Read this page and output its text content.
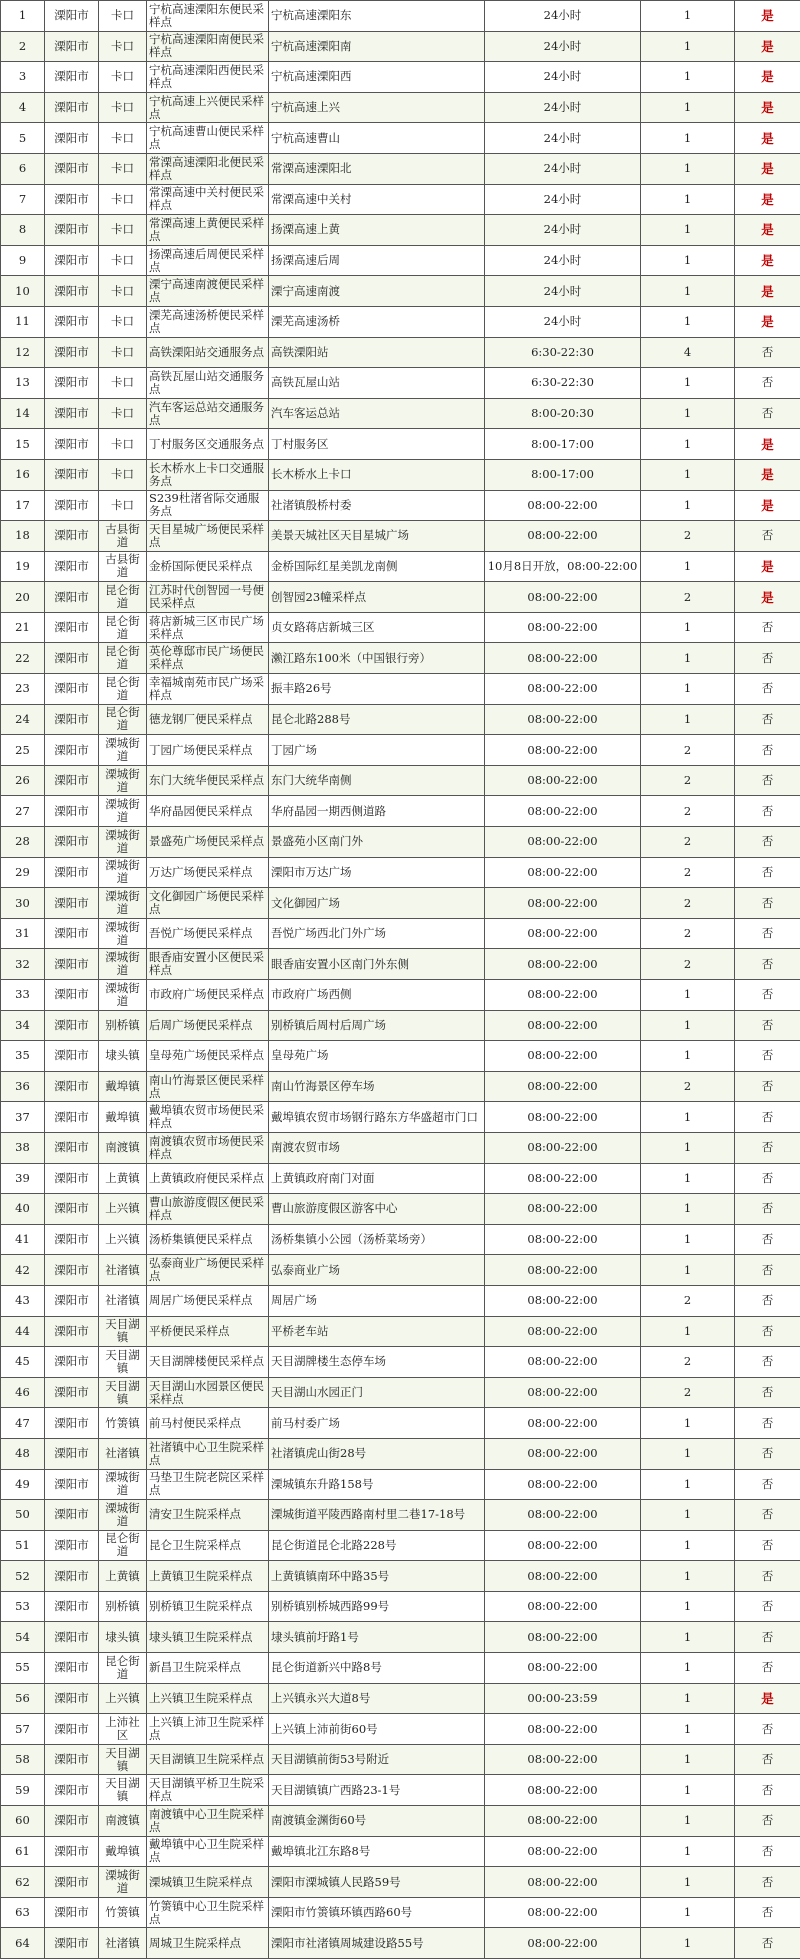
1	溧阳市	卡口	宁杭高速溧阳东便民采样点	宁杭高速溧阳东	24小时	1	是
2	溧阳市	卡口	宁杭高速溧阳南便民采样点	宁杭高速溧阳南	24小时	1	是
3	溧阳市	卡口	宁杭高速溧阳西便民采样点	宁杭高速溧阳西	24小时	1	是
4	溧阳市	卡口	宁杭高速上兴便民采样点	宁杭高速上兴	24小时	1	是
5	溧阳市	卡口	宁杭高速曹山便民采样点	宁杭高速曹山	24小时	1	是
6	溧阳市	卡口	常溧高速溧阳北便民采样点	常溧高速溧阳北	24小时	1	是
7	溧阳市	卡口	常溧高速中关村便民采样点	常溧高速中关村	24小时	1	是
8	溧阳市	卡口	常溧高速上黄便民采样点	扬溧高速上黄	24小时	1	是
9	溧阳市	卡口	扬溧高速后周便民采样点	扬溧高速后周	24小时	1	是
10	溧阳市	卡口	溧宁高速南渡便民采样点	溧宁高速南渡	24小时	1	是
11	溧阳市	卡口	溧芜高速汤桥便民采样点	溧芜高速汤桥	24小时	1	是
12	溧阳市	卡口	高铁溧阳站交通服务点	高铁溧阳站	6:30-22:30	4	否
13	溧阳市	卡口	高铁瓦屋山站交通服务点	高铁瓦屋山站	6:30-22:30	1	否
14	溧阳市	卡口	汽车客运总站交通服务点	汽车客运总站	8:00-20:30	1	否
15	溧阳市	卡口	丁村服务区交通服务点	丁村服务区	8:00-17:00	1	是
16	溧阳市	卡口	长木桥水上卡口交通服务点	长木桥水上卡口	8:00-17:00	1	是
17	溧阳市	卡口	S239杜渚省际交通服务点	社渚镇殷桥村委	08:00-22:00	1	是
18	溧阳市	古县街道	天目星城广场便民采样点	美景天城社区天目星城广场	08:00-22:00	2	否
19	溧阳市	古县街道	金桥国际便民采样点	金桥国际红星美凯龙南侧	10月8日开放，08:00-22:00	1	是
20	溧阳市	昆仑街道	江苏时代创智园一号便民采样点	创智园23幢采样点	08:00-22:00	2	是
21	溧阳市	昆仑街道	蒋店新城三区市民广场采样点	贞女路蒋店新城三区	08:00-22:00	1	否
22	溧阳市	昆仑街道	英伦尊邸市民广场便民采样点	濑江路东100米（中国银行旁）	08:00-22:00	1	否
23	溧阳市	昆仑街道	幸福城南苑市民广场采样点	振丰路26号	08:00-22:00	1	否
24	溧阳市	昆仑街道	德龙钢厂便民采样点	昆仑北路288号	08:00-22:00	1	否
25	溧阳市	溧城街道	丁园广场便民采样点	丁园广场	08:00-22:00	2	否
26	溧阳市	溧城街道	东门大统华便民采样点	东门大统华南侧	08:00-22:00	2	否
27	溧阳市	溧城街道	华府晶园便民采样点	华府晶园一期西侧道路	08:00-22:00	2	否
28	溧阳市	溧城街道	景盛苑广场便民采样点	景盛苑小区南门外	08:00-22:00	2	否
29	溧阳市	溧城街道	万达广场便民采样点	溧阳市万达广场	08:00-22:00	2	否
30	溧阳市	溧城街道	文化御园广场便民采样点	文化御园广场	08:00-22:00	2	否
31	溧阳市	溧城街道	吾悦广场便民采样点	吾悦广场西北门外广场	08:00-22:00	2	否
32	溧阳市	溧城街道	眼香庙安置小区便民采样点	眼香庙安置小区南门外东侧	08:00-22:00	2	否
33	溧阳市	溧城街道	市政府广场便民采样点	市政府广场西侧	08:00-22:00	1	否
34	溧阳市	别桥镇	后周广场便民采样点	别桥镇后周村后周广场	08:00-22:00	1	否
35	溧阳市	埭头镇	皇母苑广场便民采样点	皇母苑广场	08:00-22:00	1	否
36	溧阳市	戴埠镇	南山竹海景区便民采样点	南山竹海景区停车场	08:00-22:00	2	否
37	溧阳市	戴埠镇	戴埠镇农贸市场便民采样点	戴埠镇农贸市场钢行路东方华盛超市门口	08:00-22:00	1	否
38	溧阳市	南渡镇	南渡镇农贸市场便民采样点	南渡农贸市场	08:00-22:00	1	否
39	溧阳市	上黄镇	上黄镇政府便民采样点	上黄镇政府南门对面	08:00-22:00	1	否
40	溧阳市	上兴镇	曹山旅游度假区便民采样点	曹山旅游度假区游客中心	08:00-22:00	1	否
41	溧阳市	上兴镇	汤桥集镇便民采样点	汤桥集镇小公园（汤桥菜场旁）	08:00-22:00	1	否
42	溧阳市	社渚镇	弘泰商业广场便民采样点	弘泰商业广场	08:00-22:00	1	否
43	溧阳市	社渚镇	周居广场便民采样点	周居广场	08:00-22:00	2	否
44	溧阳市	天目湖镇	平桥便民采样点	平桥老车站	08:00-22:00	1	否
45	溧阳市	天目湖镇	天目湖牌楼便民采样点	天目湖牌楼生态停车场	08:00-22:00	2	否
46	溧阳市	天目湖镇	天目湖山水园景区便民采样点	天目湖山水园正门	08:00-22:00	2	否
47	溧阳市	竹箦镇	前马村便民采样点	前马村委广场	08:00-22:00	1	否
48	溧阳市	社渚镇	社渚镇中心卫生院采样点	社渚镇虎山街28号	08:00-22:00	1	否
49	溧阳市	溧城街道	马垫卫生院老院区采样点	溧城镇东升路158号	08:00-22:00	1	否
50	溧阳市	溧城街道	清安卫生院采样点	溧城街道平陵西路南村里二巷17-18号	08:00-22:00	1	否
51	溧阳市	昆仑街道	昆仑卫生院采样点	昆仑街道昆仑北路228号	08:00-22:00	1	否
52	溧阳市	上黄镇	上黄镇卫生院采样点	上黄镇镇南环中路35号	08:00-22:00	1	否
53	溧阳市	别桥镇	别桥镇卫生院采样点	别桥镇别桥城西路99号	08:00-22:00	1	否
54	溧阳市	埭头镇	埭头镇卫生院采样点	埭头镇前圩路1号	08:00-22:00	1	否
55	溧阳市	昆仑街道	新昌卫生院采样点	昆仑街道新兴中路8号	08:00-22:00	1	否
56	溧阳市	上兴镇	上兴镇卫生院采样点	上兴镇永兴大道8号	00:00-23:59	1	是
57	溧阳市	上沛社区	上兴镇上沛卫生院采样点	上兴镇上沛前街60号	08:00-22:00	1	否
58	溧阳市	天目湖镇	天目湖镇卫生院采样点	天目湖镇前街53号附近	08:00-22:00	1	否
59	溧阳市	天目湖镇	天目湖镇平桥卫生院采样点	天目湖镇镇广西路23-1号	08:00-22:00	1	否
60	溧阳市	南渡镇	南渡镇中心卫生院采样点	南渡镇金渊街60号	08:00-22:00	1	否
61	溧阳市	戴埠镇	戴埠镇中心卫生院采样点	戴埠镇北江东路8号	08:00-22:00	1	否
62	溧阳市	溧城街道	溧城镇卫生院采样点	溧阳市溧城镇人民路59号	08:00-22:00	1	否
63	溧阳市	竹箦镇	竹箦镇中心卫生院采样点	溧阳市竹箦镇环镇西路60号	08:00-22:00	1	否
64	溧阳市	社渚镇	周城卫生院采样点	溧阳市社渚镇周城建设路55号	08:00-22:00	1	否
